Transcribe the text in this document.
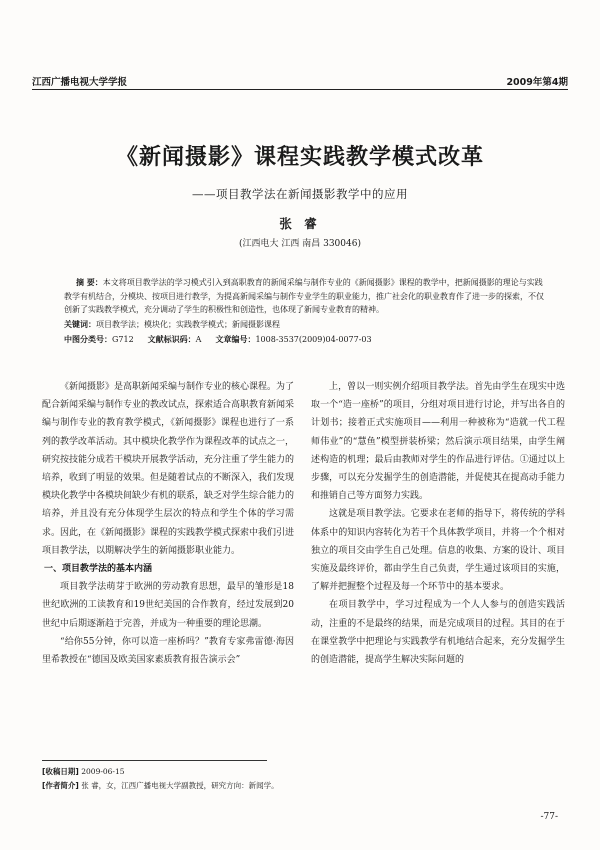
江西广播电视大学学报	2009年第4期
《新闻摄影》课程实践教学模式改革
——项目教学法在新闻摄影教学中的应用
张 睿
(江西电大 江西 南昌 330046)

摘 要：本文将项目教学法的学习模式引入到高职教育的新闻采编与制作专业的《新闻摄影》课程的教学中，把新闻摄影的理论与实践教学有机结合，分模块、按项目进行教学，为提高新闻采编与制作专业学生的职业能力，推广社会化的职业教育作了进一步的探索，不仅创新了实践教学模式，充分调动了学生的积极性和创造性，也体现了新闻专业教育的精神。

关键词：项目教学法；模块化；实践教学模式；新闻摄影课程
中图分类号：G712 文献标识码：A 文章编号：1008-3537(2009)04-0077-03

《新闻摄影》是高职新闻采编与制作专业的核心课程。为了配合新闻采编与制作专业的教改试点，探索适合高职教育新闻采编与制作专业的教育教学模式，《新闻摄影》课程也进行了一系列的教学改革活动。其中模块化教学作为课程改革的试点之一，研究按技能分成若干模块开展教学活动，充分注重了学生能力的培养，收到了明显的效果。但是随着试点的不断深入，我们发现模块化教学中各模块间缺少有机的联系，缺乏对学生综合能力的培养，并且没有充分体现学生层次的特点和学生个体的学习需求。因此，在《新闻摄影》课程的实践教学模式探索中我们引进项目教学法，以期解决学生的新闻摄影职业能力。

一、项目教学法的基本内涵

项目教学法萌芽于欧洲的劳动教育思想，最早的雏形是18世纪欧洲的工读教育和19世纪美国的合作教育，经过发展到20世纪中后期逐渐趋于完善，并成为一种重要的理论思潮。

“给你55分钟，你可以造一座桥吗？”教育专家弗雷德·海因里希教授在“德国及欧美国家素质教育报告演示会”

上，曾以一则实例介绍项目教学法。首先由学生在现实中选取一个“造一座桥”的项目，分组对项目进行讨论，并写出各自的计划书；接着正式实施项目——利用一种被称为“造就一代工程师伟业”的“慧鱼”模型拼装桥梁；然后演示项目结果，由学生阐述构造的机理；最后由教师对学生的作品进行评估。①通过以上步骤，可以充分发掘学生的创造潜能，并促使其在提高动手能力和推销自己等方面努力实践。

这就是项目教学法。它要求在老师的指导下，将传统的学科体系中的知识内容转化为若干个具体教学项目，并将一个个相对独立的项目交由学生自己处理。信息的收集、方案的设计、项目实施及最终评价，都由学生自己负责，学生通过该项目的实施，了解并把握整个过程及每一个环节中的基本要求。

在项目教学中，学习过程成为一个人人参与的创造实践活动，注重的不是最终的结果，而是完成项目的过程。其目的在于在课堂教学中把理论与实践教学有机地结合起来，充分发掘学生的创造潜能，提高学生解决实际问题的

[收稿日期] 2009-06-15
[作者简介] 张 睿，女，江西广播电视大学副教授，研究方向：新闻学。
-77-
